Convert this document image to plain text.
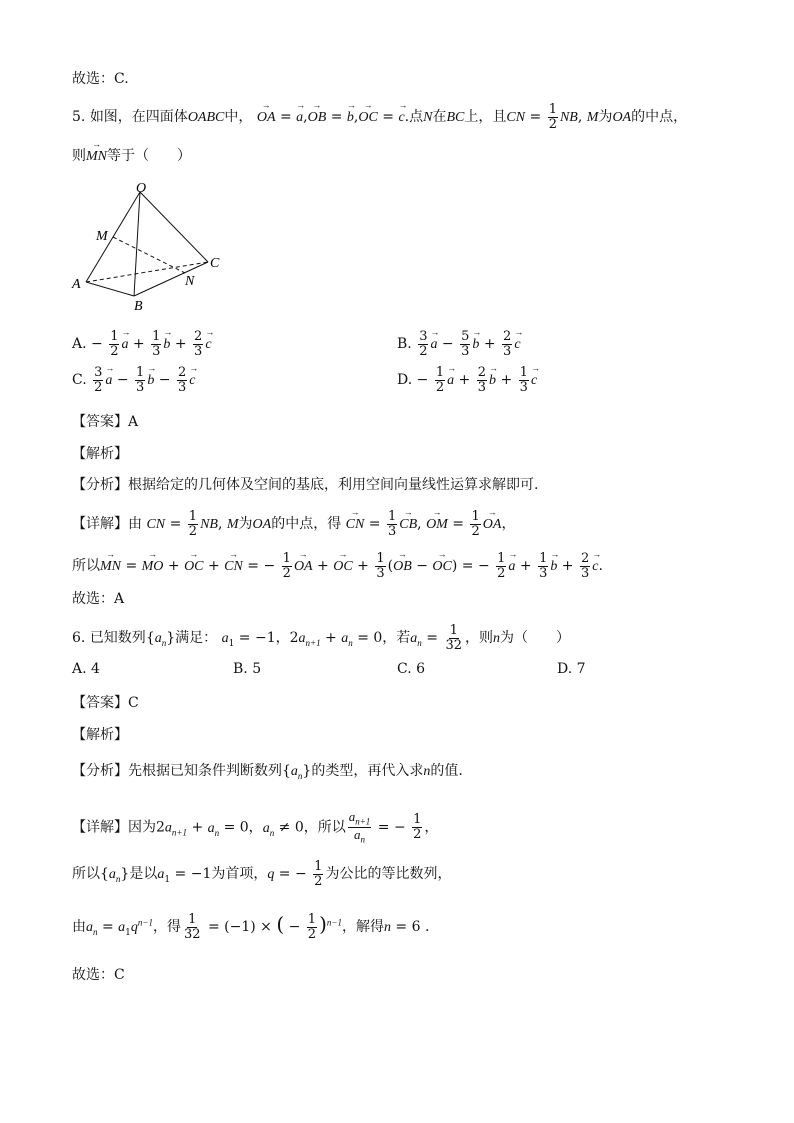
故选：C.
5. 如图，在四面体OABC中， → OA = → a,→ OB = → b,→ OC = → c.点N在BC上，且CN = $\frac{1}{2}$ NB, M为OA的中点，
则→ MN等于（　　）
O
M
A
B
C
N
A. − $\frac{1}{2}$
→ $a + \frac{1}{3}$
→ $b + \frac{2}{3}$
→ c	B. $\frac{3}{2}$
→ $a - \frac{5}{3}$
→ $b + \frac{2}{3}$
→ c
C. $\frac{3}{2}$
→ $a - \frac{1}{3}$
→ $b - \frac{2}{3}$
→ c	D. − $\frac{1}{2}$
→ $a + \frac{2}{3}$
→ $b + \frac{1}{3}$
→ c
【答案】A
【解析】
【分析】根据给定的几何体及空间的基底，利用空间向量线性运算求解即可.
【详解】由 CN = $\frac{1}{2}$ NB, M为OA的中点，得 → CN = $\frac{1}{3}$
→ CB, → OM = $\frac{1}{2}$
→ OA，
所以→ MN = → MO + → OC + → CN = − $\frac{1}{2}$
→ OA + → OC + $\frac{1}{3}$ (→ OB − → OC) = − $\frac{1}{2}$
→ $a + \frac{1}{3}$
→ $b + \frac{2}{3}$
→ c.
故选：A
6. 已知数列$\{a_n\}$满足： $a_1 = -1$，$2a_{n+1} + a_n = 0$，若$a_n = \frac{1}{32}$ ，则n为（　　）
A. 4	B. 5	C. 6	D. 7
【答案】C
【解析】
【分析】先根据已知条件判断数列$\{a_n\}$的类型，再代入求n的值.
【详解】因为$2a_{n+1} + a_n = 0$，$a_n \ne 0$，所以 $\frac{a_{n+1}}{a_n}$ = − $\frac{1}{2}$ ，
所以$\{a_n\}$是以$a_1 = -1$为首项，q = − $\frac{1}{2}$ 为公比的等比数列，
由$a_n = a_1q^{n-1}$，得 $\frac{1}{32} = (-1)$ × ( − $\frac{1}{2} )^{n-1}$，解得n = 6 .
故选：C
